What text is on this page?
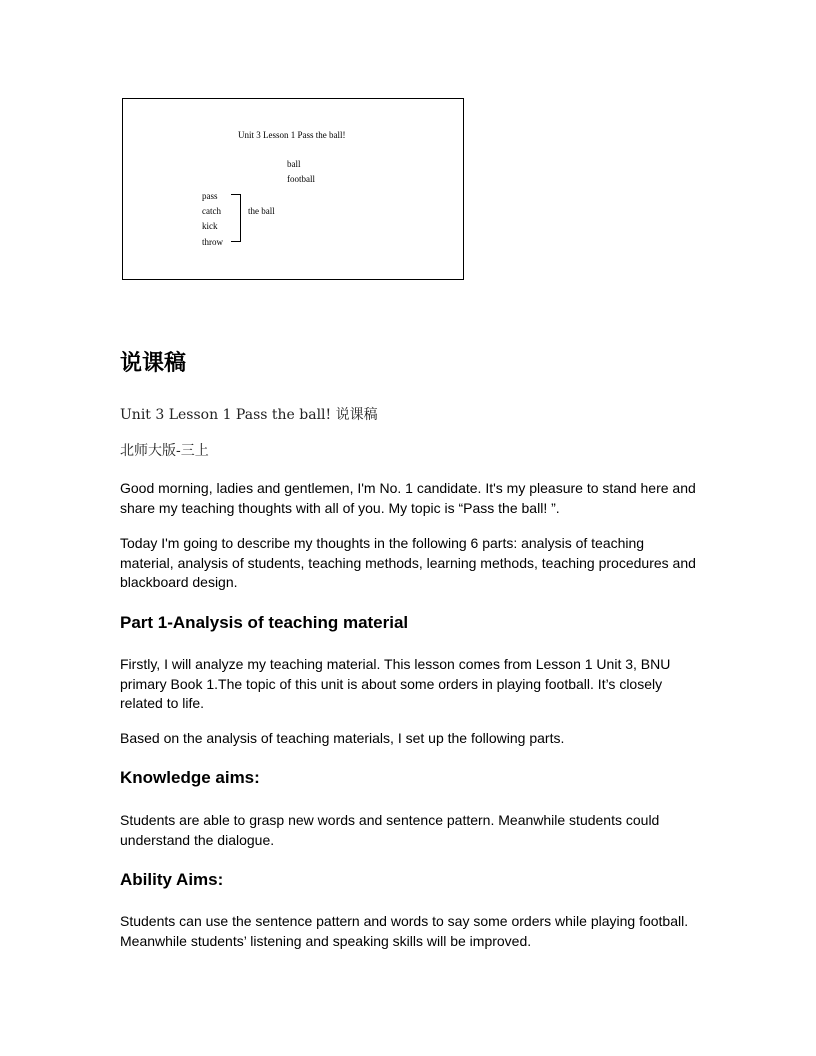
Unit 3 Lesson 1 Pass the ball!
ball
football
pass
catch
kick
throw
the ball
说课稿
Unit 3 Lesson 1 Pass the ball! 说课稿
北师大版-三上
Good morning, ladies and gentlemen, I'm No. 1 candidate. It's my pleasure to stand here and share my teaching thoughts with all of you. My topic is “Pass the ball! ”.
Today I'm going to describe my thoughts in the following 6 parts: analysis of teaching material, analysis of students, teaching methods, learning methods, teaching procedures and blackboard design.
Part 1-Analysis of teaching material
Firstly, I will analyze my teaching material. This lesson comes from Lesson 1 Unit 3, BNU primary Book 1.The topic of this unit is about some orders in playing football. It’s closely related to life.
Based on the analysis of teaching materials, I set up the following parts.
Knowledge aims:
Students are able to grasp new words and sentence pattern. Meanwhile students could understand the dialogue.
Ability Aims:
Students can use the sentence pattern and words to say some orders while playing football. Meanwhile students’ listening and speaking skills will be improved.
